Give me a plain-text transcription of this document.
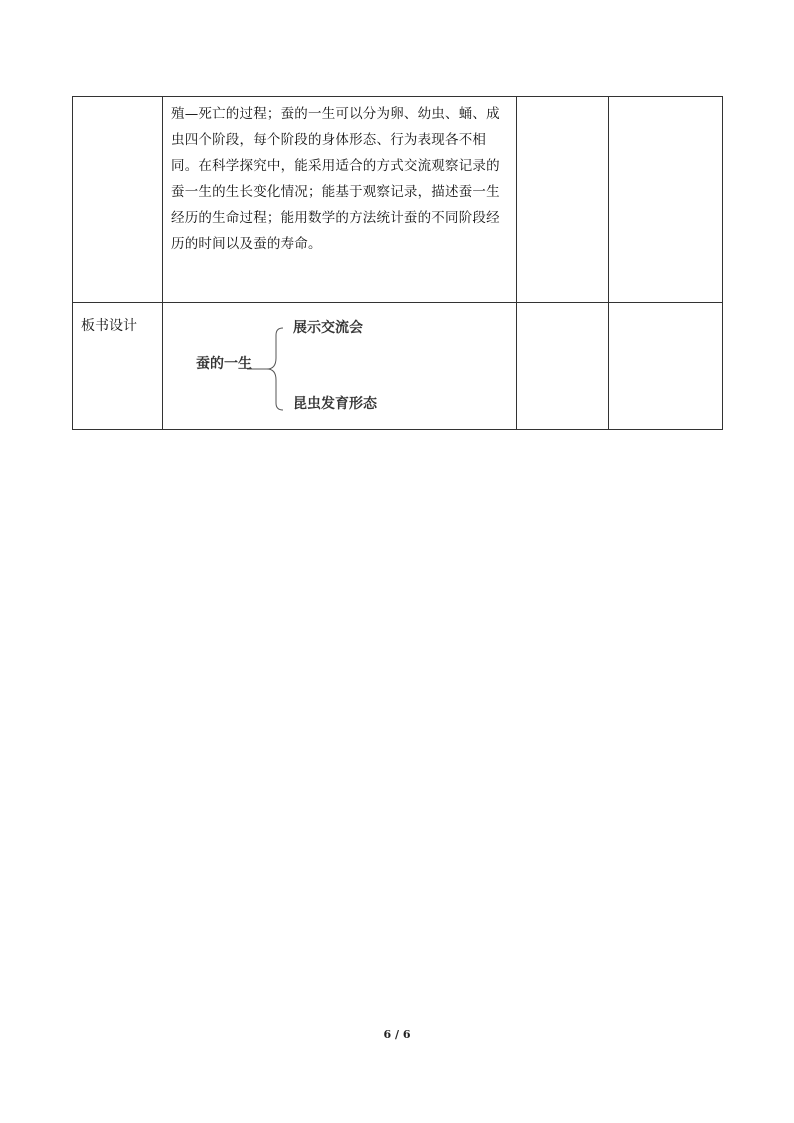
	殖—死亡的过程；蚕的一生可以分为卵、幼虫、蛹、成虫四个阶段，每个阶段的身体形态、行为表现各不相同。在科学探究中，能采用适合的方式交流观察记录的蚕一生的生长变化情况；能基于观察记录，描述蚕一生经历的生命过程；能用数学的方法统计蚕的不同阶段经历的时间以及蚕的寿命。		

板书设计	蚕的一生
展示交流会
昆虫发育形态		

6 / 6
